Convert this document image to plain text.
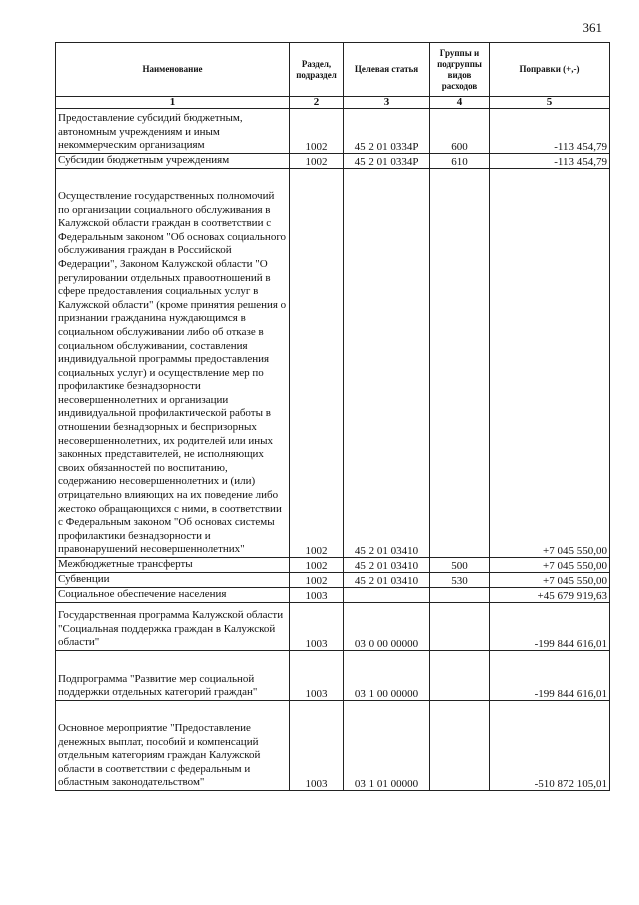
361
Наименование	Раздел, подраздел	Целевая статья	Группы и подгруппы видов расходов	Поправки (+,-)
1	2	3	4	5
Предоставление субсидий бюджетным, автономным учреждениям и иным некоммерческим организациям	1002	45 2 01 0334Р	600	-113 454,79
Субсидии бюджетным учреждениям	1002	45 2 01 0334Р	610	-113 454,79
Осуществление государственных полномочий по организации социального обслуживания в Калужской области граждан в соответствии с Федеральным законом "Об основах социального обслуживания граждан в Российской Федерации", Законом Калужской области "О регулировании отдельных правоотношений в сфере предоставления социальных услуг в Калужской области" (кроме принятия решения о признании гражданина нуждающимся в социальном обслуживании либо об отказе в социальном обслуживании, составления индивидуальной программы предоставления социальных услуг) и осуществление мер по профилактике безнадзорности несовершеннолетних и организации индивидуальной профилактической работы в отношении безнадзорных и беспризорных несовершеннолетних, их родителей или иных законных представителей, не исполняющих своих обязанностей по воспитанию, содержанию несовершеннолетних и (или) отрицательно влияющих на их поведение либо жестоко обращающихся с ними, в соответствии с Федеральным законом "Об основах системы профилактики безнадзорности и правонарушений несовершеннолетних"	1002	45 2 01 03410		+7 045 550,00
Межбюджетные трансферты	1002	45 2 01 03410	500	+7 045 550,00
Субвенции	1002	45 2 01 03410	530	+7 045 550,00
Социальное обеспечение населения	1003			+45 679 919,63
Государственная программа Калужской области "Социальная поддержка граждан в Калужской области"	1003	03 0 00 00000		-199 844 616,01
Подпрограмма "Развитие мер социальной поддержки отдельных категорий граждан"	1003	03 1 00 00000		-199 844 616,01
Основное мероприятие "Предоставление денежных выплат, пособий и компенсаций отдельным категориям граждан Калужской области в соответствии с федеральным и областным законодательством"	1003	03 1 01 00000		-510 872 105,01
